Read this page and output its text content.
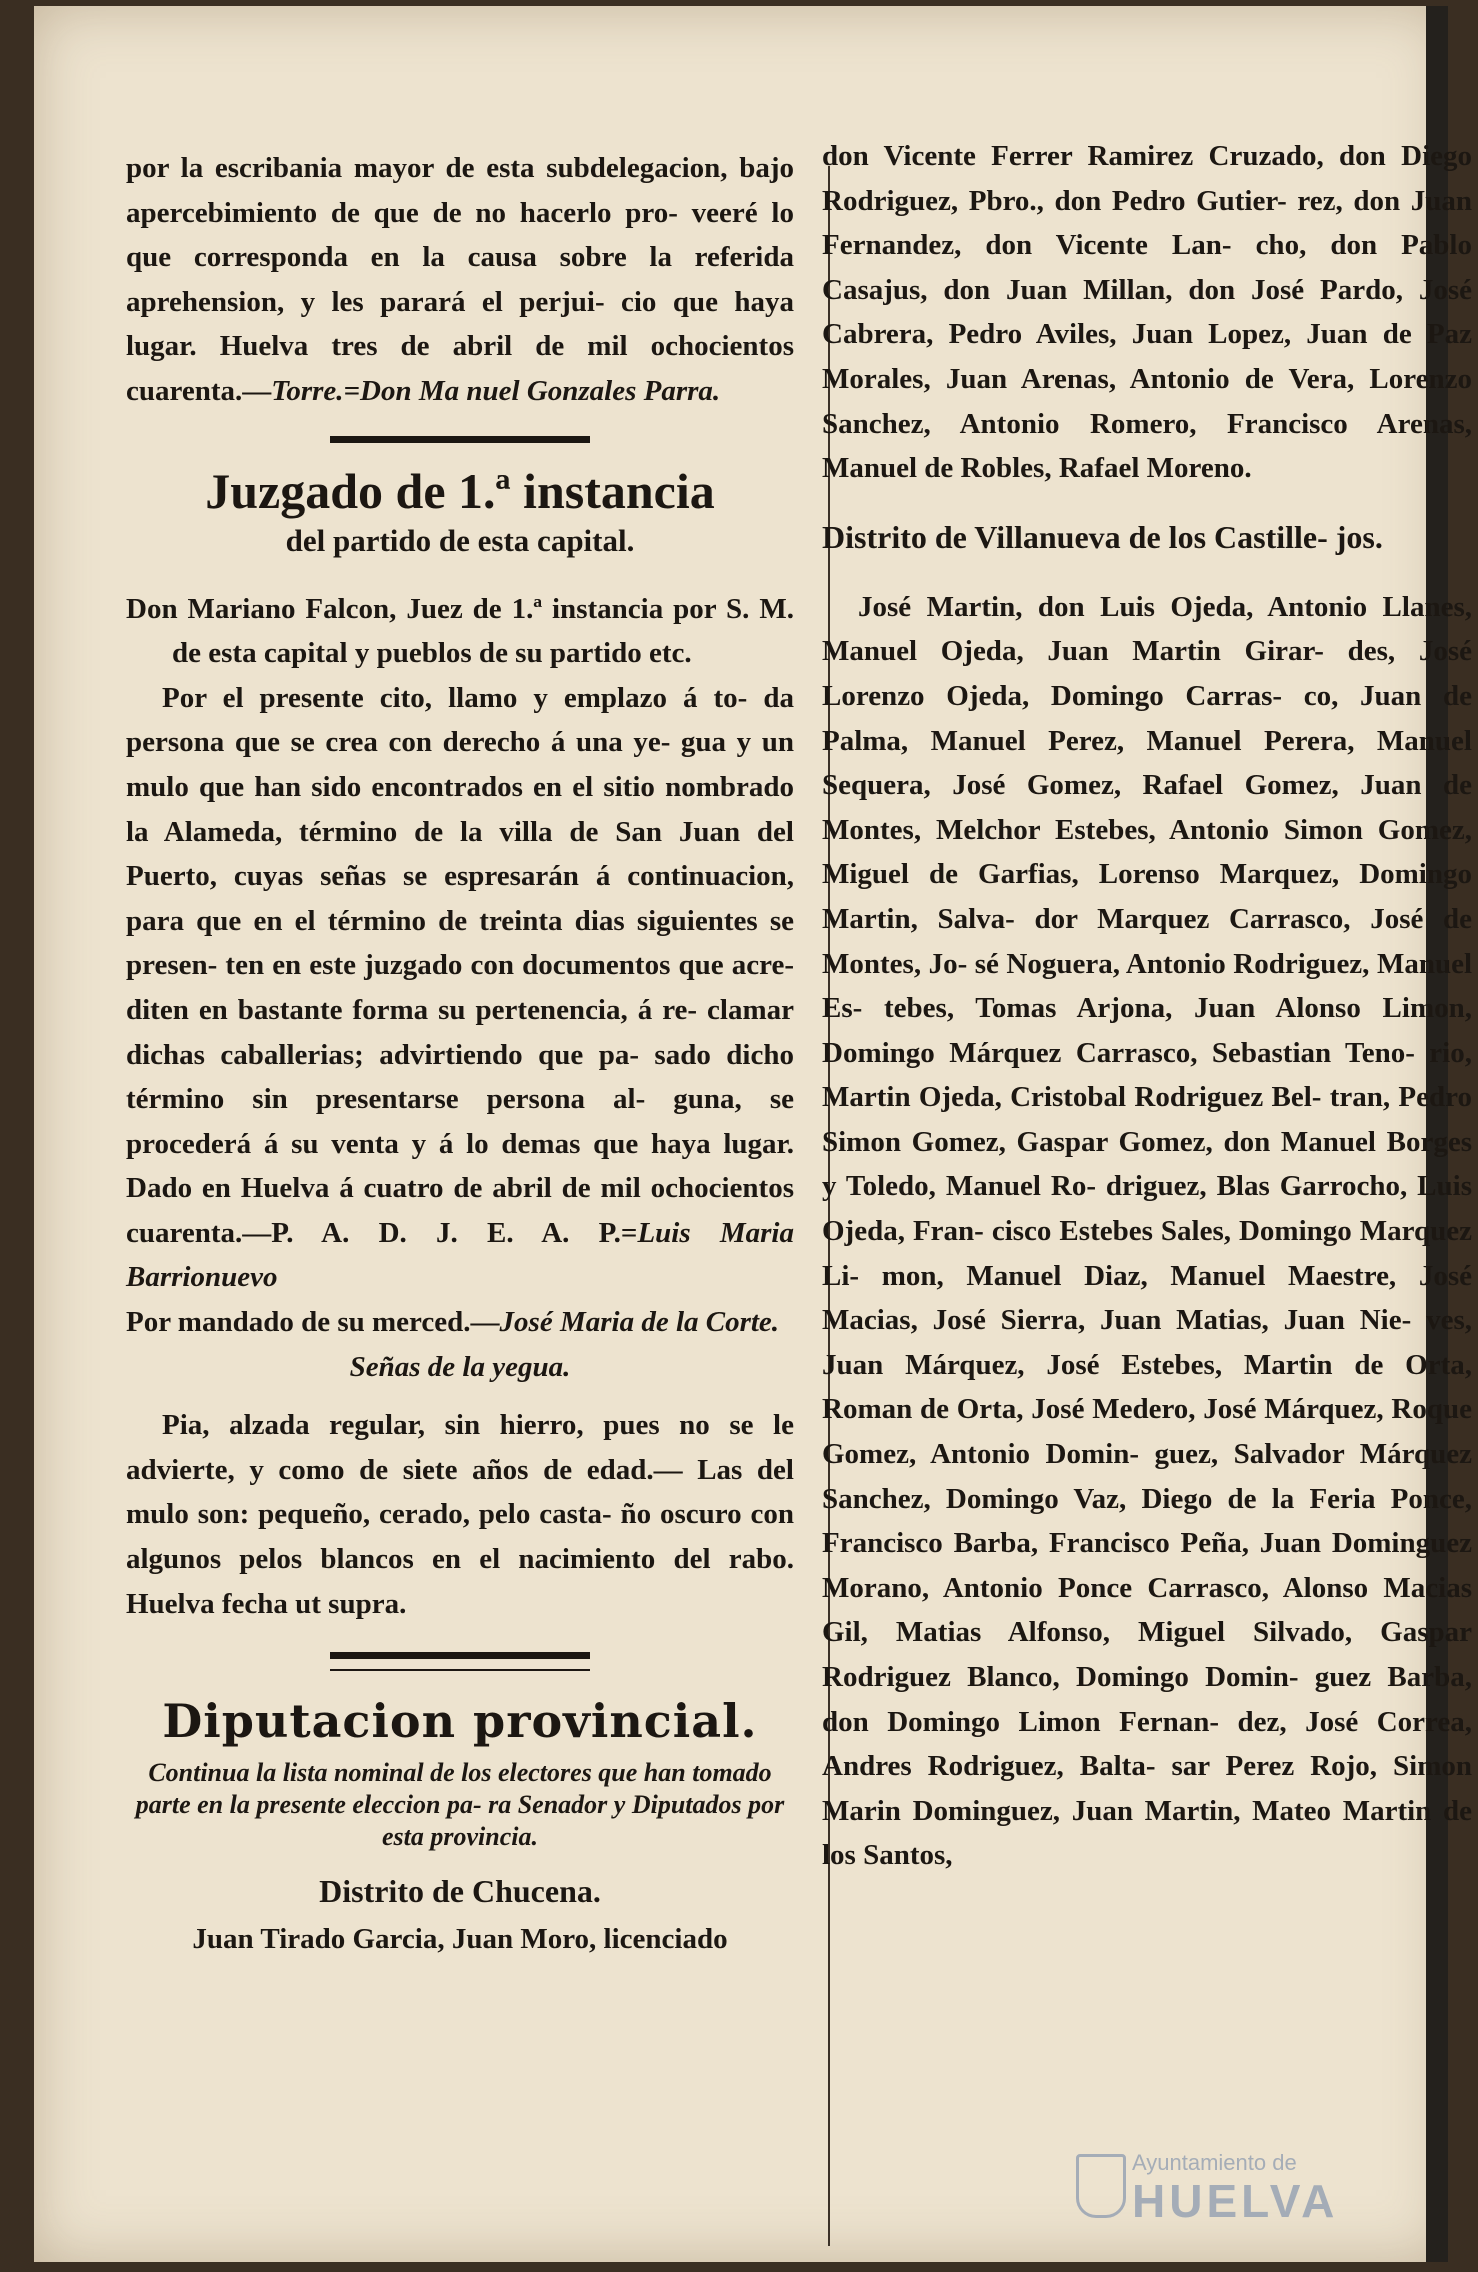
por la escribania mayor de esta subdelegacion, bajo apercebimiento de que de no hacerlo pro- veeré lo que corresponda en la causa sobre la referida aprehension, y les parará el perjui- cio que haya lugar. Huelva tres de abril de mil ochocientos cuarenta.—Torre.=Don Ma nuel Gonzales Parra.

Juzgado de 1.ª instancia
del partido de esta capital.

Don Mariano Falcon, Juez de 1.ª instancia por S. M. de esta capital y pueblos de su partido etc.

Por el presente cito, llamo y emplazo á to- da persona que se crea con derecho á una ye- gua y un mulo que han sido encontrados en el sitio nombrado la Alameda, término de la villa de San Juan del Puerto, cuyas señas se espresarán á continuacion, para que en el término de treinta dias siguientes se presen- ten en este juzgado con documentos que acre- diten en bastante forma su pertenencia, á re- clamar dichas caballerias; advirtiendo que pa- sado dicho término sin presentarse persona al- guna, se procederá á su venta y á lo demas que haya lugar. Dado en Huelva á cuatro de abril de mil ochocientos cuarenta.—P. A. D. J. E. A. P.=Luis Maria Barrionuevo

Por mandado de su merced.—José Maria de la Corte.

Señas de la yegua.

Pia, alzada regular, sin hierro, pues no se le advierte, y como de siete años de edad.— Las del mulo son: pequeño, cerado, pelo casta- ño oscuro con algunos pelos blancos en el nacimiento del rabo. Huelva fecha ut supra.

Diputacion provincial.

Continua la lista nominal de los electores que han tomado parte en la presente eleccion pa- ra Senador y Diputados por esta provincia.

Distrito de Chucena.

Juan Tirado Garcia, Juan Moro, licenciado

don Vicente Ferrer Ramirez Cruzado, don Diego Rodriguez, Pbro., don Pedro Gutier- rez, don Juan Fernandez, don Vicente Lan- cho, don Pablo Casajus, don Juan Millan, don José Pardo, José Cabrera, Pedro Aviles, Juan Lopez, Juan de Paz Morales, Juan Arenas, Antonio de Vera, Lorenzo Sanchez, Antonio Romero, Francisco Arenas, Manuel de Robles, Rafael Moreno.

Distrito de Villanueva de los Castille- jos.

José Martin, don Luis Ojeda, Antonio Llanes, Manuel Ojeda, Juan Martin Girar- des, José Lorenzo Ojeda, Domingo Carras- co, Juan de Palma, Manuel Perez, Manuel Perera, Manuel Sequera, José Gomez, Rafael Gomez, Juan de Montes, Melchor Estebes, Antonio Simon Gomez, Miguel de Garfias, Lorenso Marquez, Domingo Martin, Salva- dor Marquez Carrasco, José de Montes, Jo- sé Noguera, Antonio Rodriguez, Manuel Es- tebes, Tomas Arjona, Juan Alonso Limon, Domingo Márquez Carrasco, Sebastian Teno- rio, Martin Ojeda, Cristobal Rodriguez Bel- tran, Pedro Simon Gomez, Gaspar Gomez, don Manuel Borges y Toledo, Manuel Ro- driguez, Blas Garrocho, Luis Ojeda, Fran- cisco Estebes Sales, Domingo Marquez Li- mon, Manuel Diaz, Manuel Maestre, José Macias, José Sierra, Juan Matias, Juan Nie- ves, Juan Márquez, José Estebes, Martin de Orta, Roman de Orta, José Medero, José Márquez, Roque Gomez, Antonio Domin- guez, Salvador Márquez Sanchez, Domingo Vaz, Diego de la Feria Ponce, Francisco Barba, Francisco Peña, Juan Dominguez Morano, Antonio Ponce Carrasco, Alonso Macias Gil, Matias Alfonso, Miguel Silvado, Gaspar Rodriguez Blanco, Domingo Domin- guez Barba, don Domingo Limon Fernan- dez, José Correa, Andres Rodriguez, Balta- sar Perez Rojo, Simon Marin Dominguez, Juan Martin, Mateo Martin de los Santos,

Ayuntamiento de
HUELVA
